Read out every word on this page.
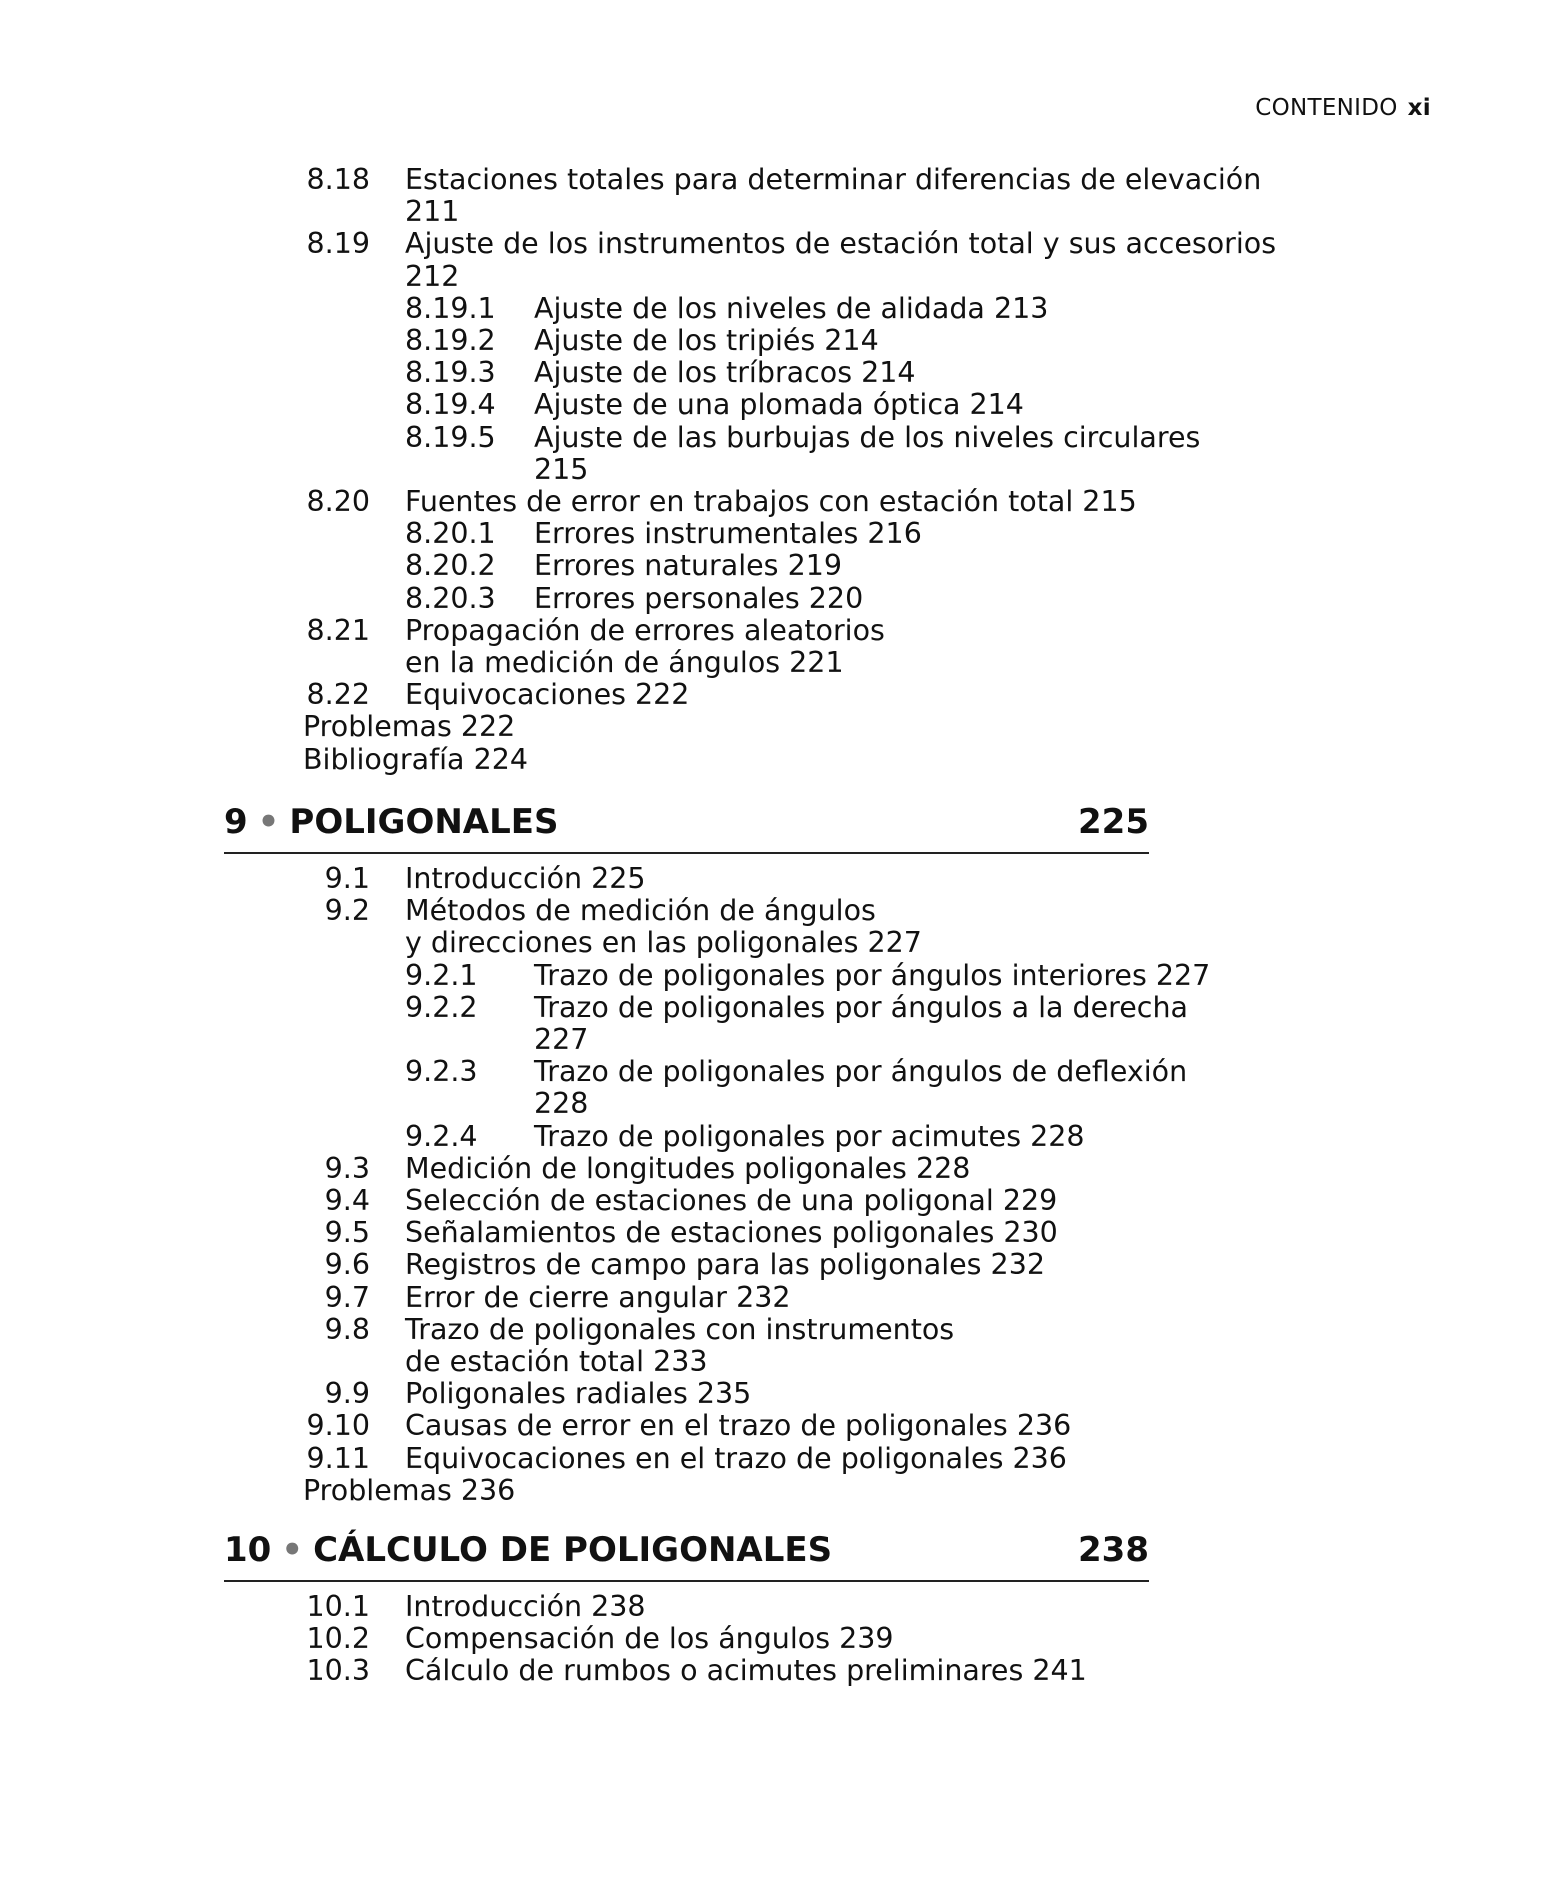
CONTENIDO xi
8.18 Estaciones totales para determinar diferencias de elevación
211
8.19 Ajuste de los instrumentos de estación total y sus accesorios
212
8.19.1 Ajuste de los niveles de alidada 213
8.19.2 Ajuste de los tripiés 214
8.19.3 Ajuste de los tríbracos 214
8.19.4 Ajuste de una plomada óptica 214
8.19.5 Ajuste de las burbujas de los niveles circulares
215
8.20 Fuentes de error en trabajos con estación total 215
8.20.1 Errores instrumentales 216
8.20.2 Errores naturales 219
8.20.3 Errores personales 220
8.21 Propagación de errores aleatorios
en la medición de ángulos 221
8.22 Equivocaciones 222
Problemas 222
Bibliografía 224
9 • POLIGONALES	225
9.1 Introducción 225
9.2 Métodos de medición de ángulos
y direcciones en las poligonales 227
9.2.1 Trazo de poligonales por ángulos interiores 227
9.2.2 Trazo de poligonales por ángulos a la derecha
227
9.2.3 Trazo de poligonales por ángulos de deflexión
228
9.2.4 Trazo de poligonales por acimutes 228
9.3 Medición de longitudes poligonales 228
9.4 Selección de estaciones de una poligonal 229
9.5 Señalamientos de estaciones poligonales 230
9.6 Registros de campo para las poligonales 232
9.7 Error de cierre angular 232
9.8 Trazo de poligonales con instrumentos
de estación total 233
9.9 Poligonales radiales 235
9.10 Causas de error en el trazo de poligonales 236
9.11 Equivocaciones en el trazo de poligonales 236
Problemas 236
10 • CÁLCULO DE POLIGONALES	238
10.1 Introducción 238
10.2 Compensación de los ángulos 239
10.3 Cálculo de rumbos o acimutes preliminares 241
